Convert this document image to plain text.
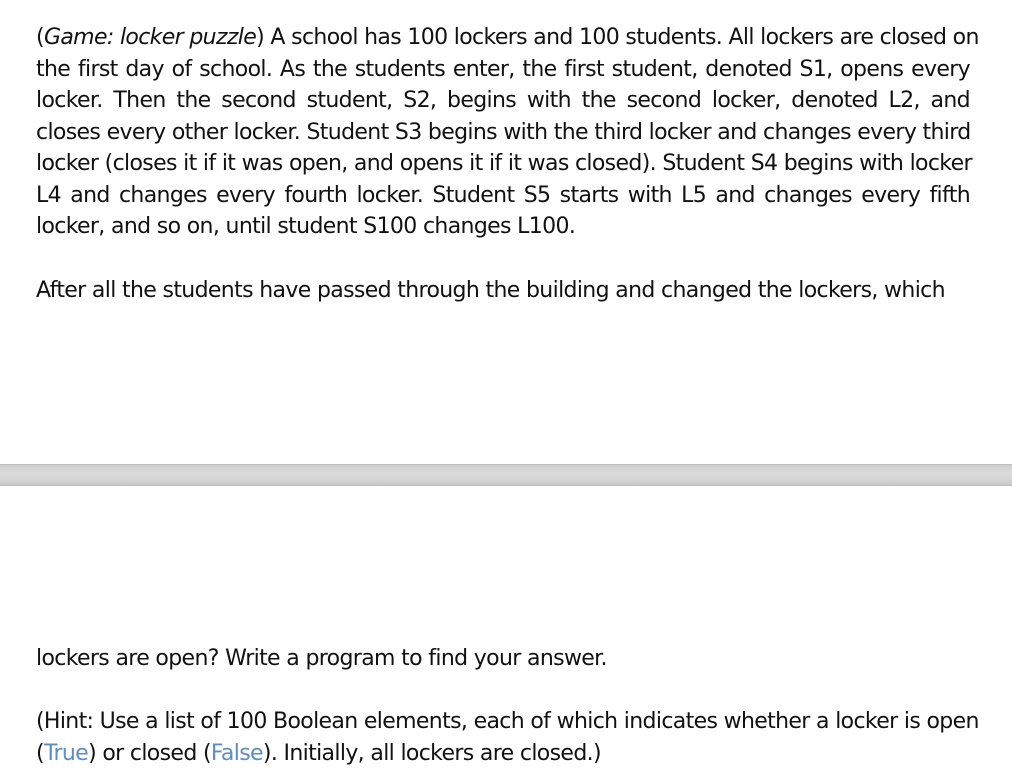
(Game: locker puzzle) A school has 100 lockers and 100 students. All lockers are closed on
the first day of school. As the students enter, the first student, denoted S1, opens every
locker. Then the second student, S2, begins with the second locker, denoted L2, and
closes every other locker. Student S3 begins with the third locker and changes every third
locker (closes it if it was open, and opens it if it was closed). Student S4 begins with locker
L4 and changes every fourth locker. Student S5 starts with L5 and changes every fifth
locker, and so on, until student S100 changes L100.

After all the students have passed through the building and changed the lockers, which

lockers are open? Write a program to find your answer.

(Hint: Use a list of 100 Boolean elements, each of which indicates whether a locker is open
(True) or closed (False). Initially, all lockers are closed.)
